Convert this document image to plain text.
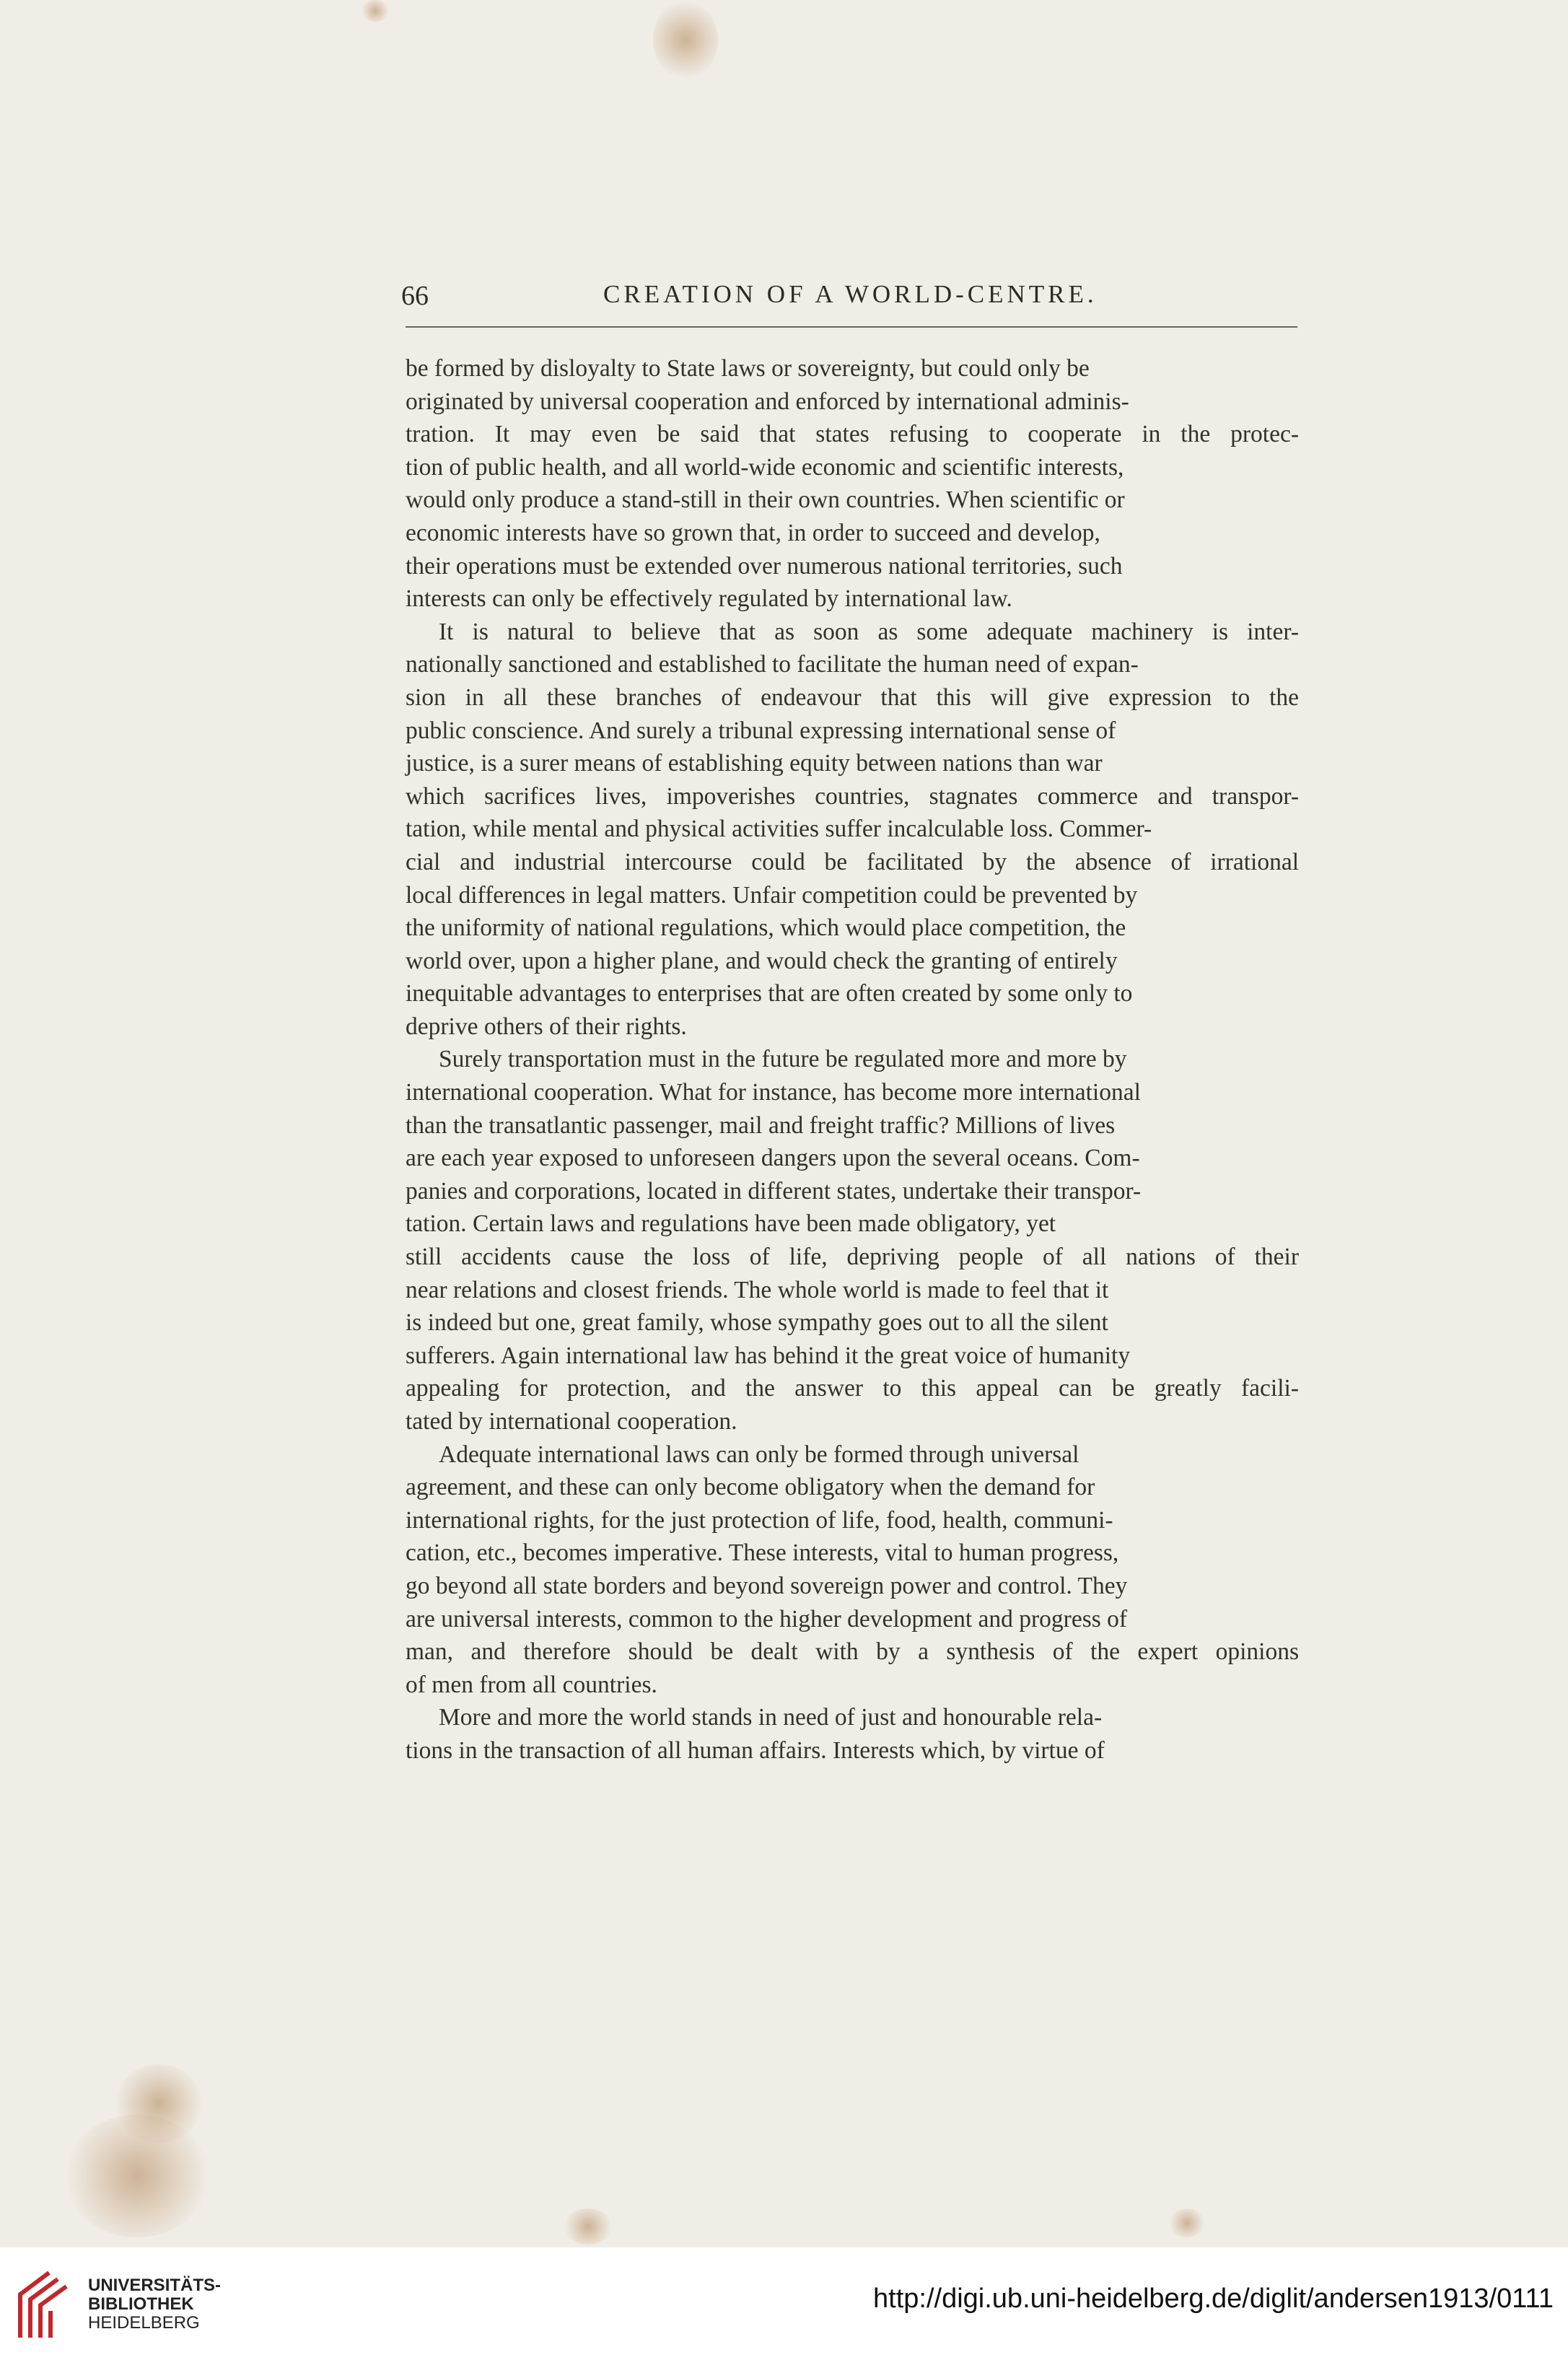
66	CREATION OF A WORLD-CENTRE.
be formed by disloyalty to State laws or sovereignty, but could only be
originated by universal cooperation and enforced by international adminis-
tration. It may even be said that states refusing to cooperate in the protec-
tion of public health, and all world-wide economic and scientific interests,
would only produce a stand-still in their own countries. When scientific or
economic interests have so grown that, in order to succeed and develop,
their operations must be extended over numerous national territories, such
interests can only be effectively regulated by international law.
It is natural to believe that as soon as some adequate machinery is inter-
nationally sanctioned and established to facilitate the human need of expan-
sion in all these branches of endeavour that this will give expression to the
public conscience. And surely a tribunal expressing international sense of
justice, is a surer means of establishing equity between nations than war
which sacrifices lives, impoverishes countries, stagnates commerce and transpor-
tation, while mental and physical activities suffer incalculable loss. Commer-
cial and industrial intercourse could be facilitated by the absence of irrational
local differences in legal matters. Unfair competition could be prevented by
the uniformity of national regulations, which would place competition, the
world over, upon a higher plane, and would check the granting of entirely
inequitable advantages to enterprises that are often created by some only to
deprive others of their rights.
Surely transportation must in the future be regulated more and more by
international cooperation. What for instance, has become more international
than the transatlantic passenger, mail and freight traffic? Millions of lives
are each year exposed to unforeseen dangers upon the several oceans. Com-
panies and corporations, located in different states, undertake their transpor-
tation. Certain laws and regulations have been made obligatory, yet
still accidents cause the loss of life, depriving people of all nations of their
near relations and closest friends. The whole world is made to feel that it
is indeed but one, great family, whose sympathy goes out to all the silent
sufferers. Again international law has behind it the great voice of humanity
appealing for protection, and the answer to this appeal can be greatly facili-
tated by international cooperation.
Adequate international laws can only be formed through universal
agreement, and these can only become obligatory when the demand for
international rights, for the just protection of life, food, health, communi-
cation, etc., becomes imperative. These interests, vital to human progress,
go beyond all state borders and beyond sovereign power and control. They
are universal interests, common to the higher development and progress of
man, and therefore should be dealt with by a synthesis of the expert opinions
of men from all countries.
More and more the world stands in need of just and honourable rela-
tions in the transaction of all human affairs. Interests which, by virtue of
UNIVERSITÄTS-
BIBLIOTHEK
HEIDELBERG
http://digi.ub.uni-heidelberg.de/diglit/andersen1913/0111
